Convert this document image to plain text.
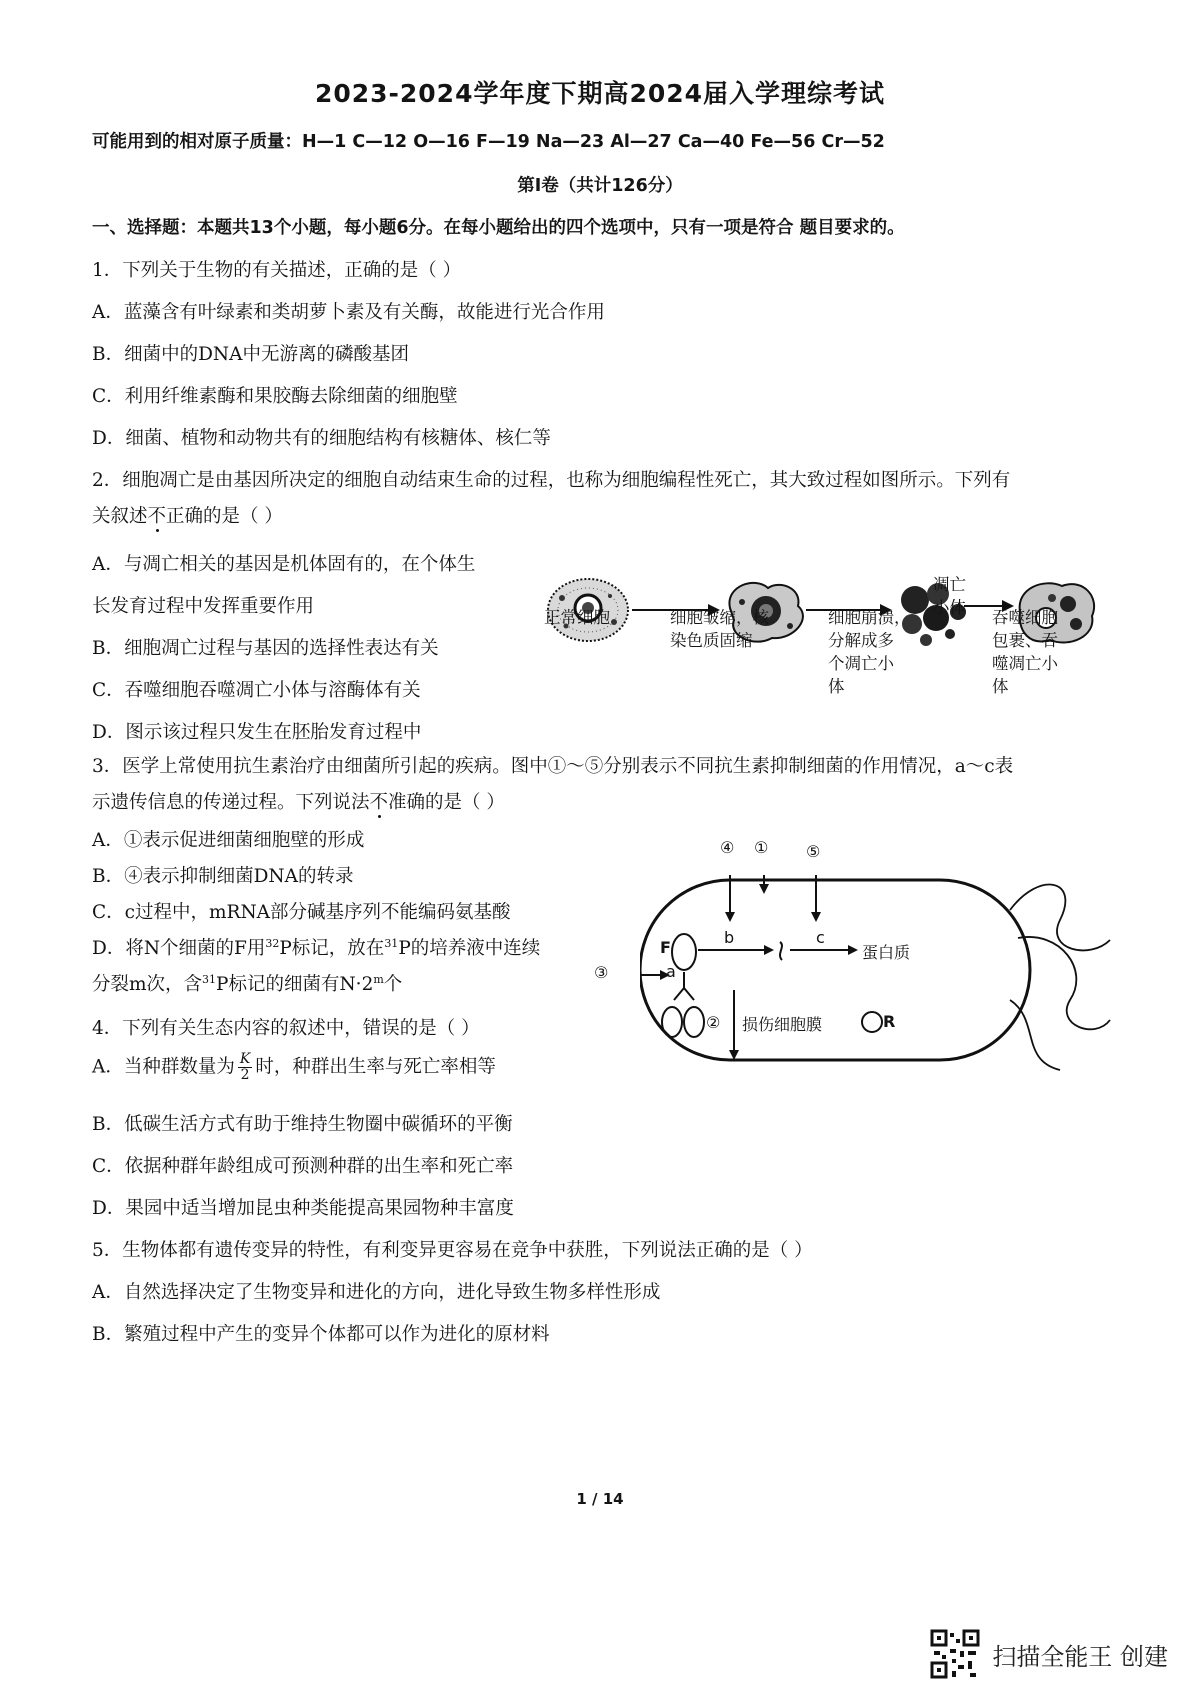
2023-2024学年度下期高2024届入学理综考试
可能用到的相对原子质量：H—1 C—12 O—16 F—19 Na—23 Al—27 Ca—40 Fe—56 Cr—52
第Ⅰ卷（共计126分）
一、选择题：本题共13个小题，每小题6分。在每小题给出的四个选项中，只有一项是符合 题目要求的。
1．下列关于生物的有关描述，正确的是（ ）
A．蓝藻含有叶绿素和类胡萝卜素及有关酶，故能进行光合作用
B．细菌中的DNA中无游离的磷酸基团
C．利用纤维素酶和果胶酶去除细菌的细胞壁
D．细菌、植物和动物共有的细胞结构有核糖体、核仁等
2．细胞凋亡是由基因所决定的细胞自动结束生命的过程，也称为细胞编程性死亡，其大致过程如图所示。下列有
关叙述不正确的是（ ）
A．与凋亡相关的基因是机体固有的，在个体生
长发育过程中发挥重要作用
B．细胞凋亡过程与基因的选择性表达有关
C．吞噬细胞吞噬凋亡小体与溶酶体有关
D．图示该过程只发生在胚胎发育过程中
正常细胞	细胞皱缩，核
染色质固缩
细胞崩溃，
分解成多
个凋亡小
体
凋亡
小体
吞噬细胞
包裹、吞
噬凋亡小
体
3．医学上常使用抗生素治疗由细菌所引起的疾病。图中①～⑤分别表示不同抗生素抑制细菌的作用情况，a～c表
示遗传信息的传递过程。下列说法不准确的是（ ）
A．①表示促进细菌细胞壁的形成
B．④表示抑制细菌DNA的转录
C．c过程中，mRNA部分碱基序列不能编码氨基酸
D．将N个细菌的F用$^{32}$P标记，放在$^{31}$P的培养液中连续
分裂m次，含$^{31}$P标记的细菌有$N\cdot 2^m$个
④ ① ⑤
③
②
F
a
b	c
蛋白质
损伤细胞膜	R
4．下列有关生态内容的叙述中，错误的是（ ）
A．当种群数量为 $\frac{K}{2}$ 时，种群出生率与死亡率相等
B．低碳生活方式有助于维持生物圈中碳循环的平衡
C．依据种群年龄组成可预测种群的出生率和死亡率
D．果园中适当增加昆虫种类能提高果园物种丰富度
5．生物体都有遗传变异的特性，有利变异更容易在竞争中获胜，下列说法正确的是（ ）
A．自然选择决定了生物变异和进化的方向，进化导致生物多样性形成
B．繁殖过程中产生的变异个体都可以作为进化的原材料
1 / 14
扫描全能王 创建
